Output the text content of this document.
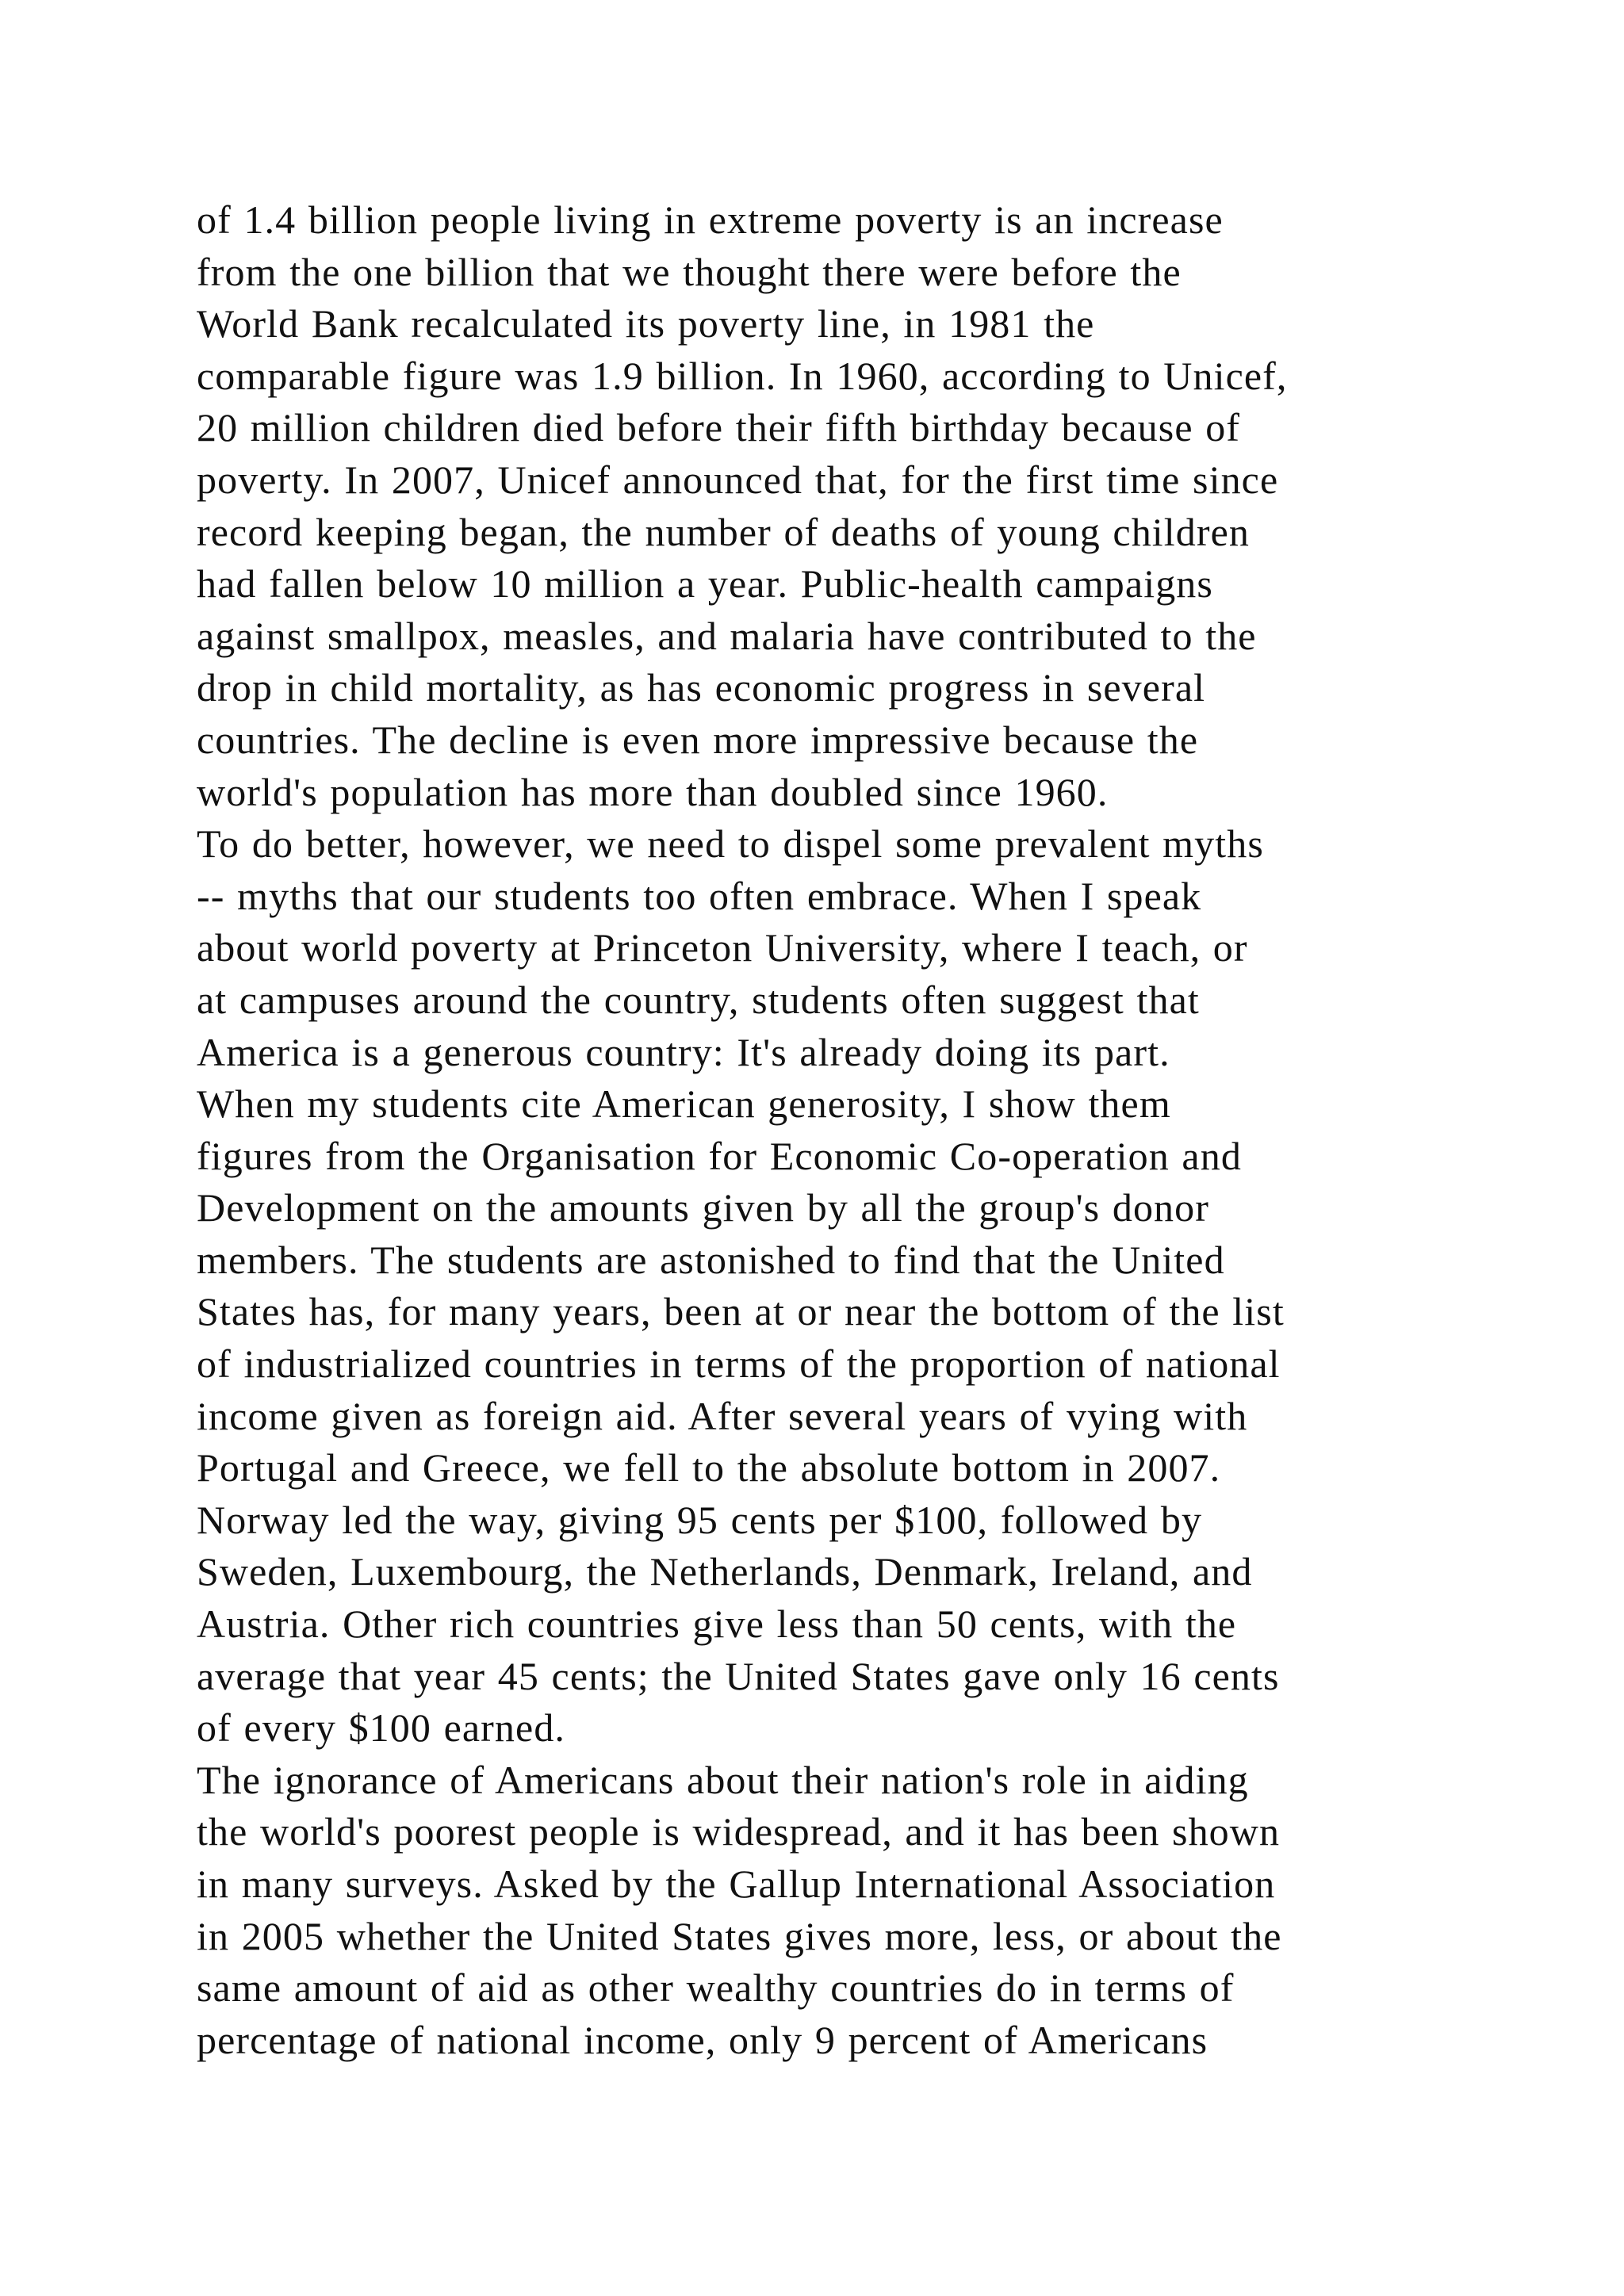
of 1.4 billion people living in extreme poverty is an increase
from the one billion that we thought there were before the
World Bank recalculated its poverty line, in 1981 the
comparable figure was 1.9 billion. In 1960, according to Unicef,
20 million children died before their fifth birthday because of
poverty. In 2007, Unicef announced that, for the first time since
record keeping began, the number of deaths of young children
had fallen below 10 million a year. Public-health campaigns
against smallpox, measles, and malaria have contributed to the
drop in child mortality, as has economic progress in several
countries. The decline is even more impressive because the
world's population has more than doubled since 1960.
To do better, however, we need to dispel some prevalent myths
-- myths that our students too often embrace. When I speak
about world poverty at Princeton University, where I teach, or
at campuses around the country, students often suggest that
America is a generous country: It's already doing its part.
When my students cite American generosity, I show them
figures from the Organisation for Economic Co-operation and
Development on the amounts given by all the group's donor
members. The students are astonished to find that the United
States has, for many years, been at or near the bottom of the list
of industrialized countries in terms of the proportion of national
income given as foreign aid. After several years of vying with
Portugal and Greece, we fell to the absolute bottom in 2007.
Norway led the way, giving 95 cents per $100, followed by
Sweden, Luxembourg, the Netherlands, Denmark, Ireland, and
Austria. Other rich countries give less than 50 cents, with the
average that year 45 cents; the United States gave only 16 cents
of every $100 earned.
The ignorance of Americans about their nation's role in aiding
the world's poorest people is widespread, and it has been shown
in many surveys. Asked by the Gallup International Association
in 2005 whether the United States gives more, less, or about the
same amount of aid as other wealthy countries do in terms of
percentage of national income, only 9 percent of Americans
